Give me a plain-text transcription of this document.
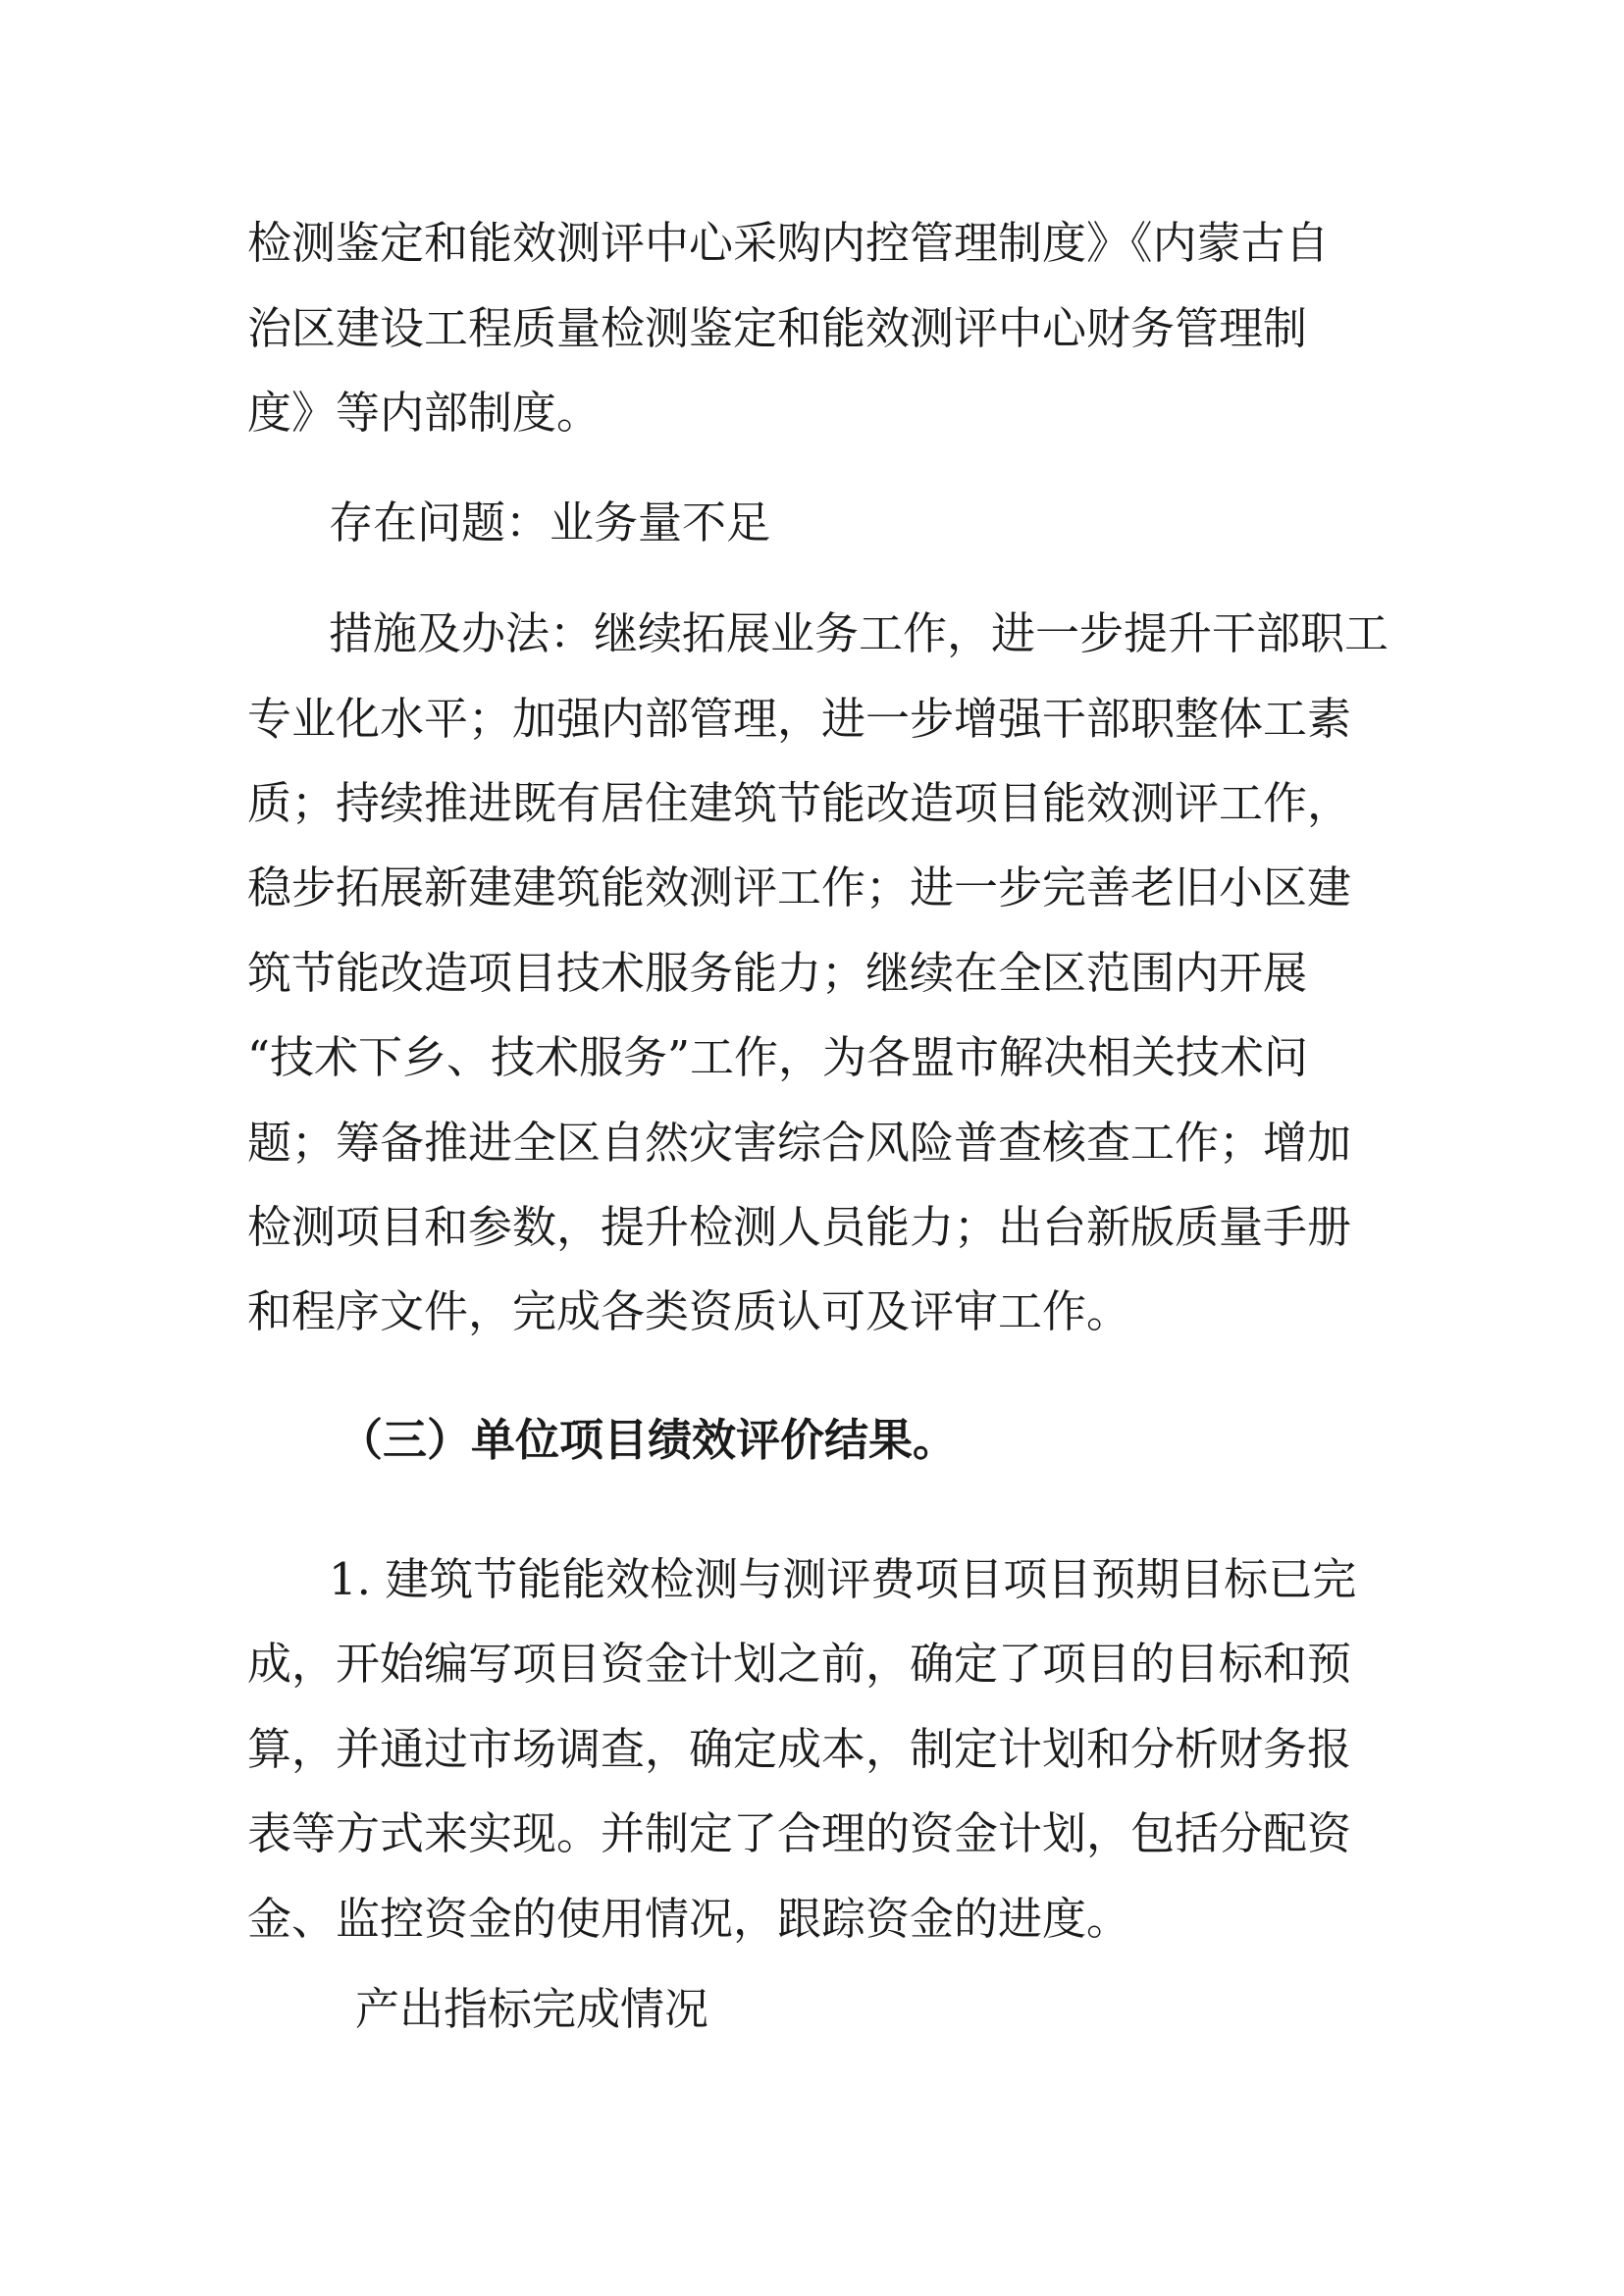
检测鉴定和能效测评中心采购内控管理制度》《内蒙古自
治区建设工程质量检测鉴定和能效测评中心财务管理制
度》等内部制度。
存在问题：业务量不足
措施及办法：继续拓展业务工作，进一步提升干部职工
专业化水平；加强内部管理，进一步增强干部职整体工素
质；持续推进既有居住建筑节能改造项目能效测评工作，
稳步拓展新建建筑能效测评工作；进一步完善老旧小区建
筑节能改造项目技术服务能力；继续在全区范围内开展
“技术下乡、技术服务”工作，为各盟市解决相关技术问
题；筹备推进全区自然灾害综合风险普查核查工作；增加
检测项目和参数，提升检测人员能力；出台新版质量手册
和程序文件，完成各类资质认可及评审工作。
（三）单位项目绩效评价结果。
1. 建筑节能能效检测与测评费项目项目预期目标已完
成，开始编写项目资金计划之前，确定了项目的目标和预
算，并通过市场调查，确定成本，制定计划和分析财务报
表等方式来实现。并制定了合理的资金计划，包括分配资
金、监控资金的使用情况，跟踪资金的进度。
产出指标完成情况
